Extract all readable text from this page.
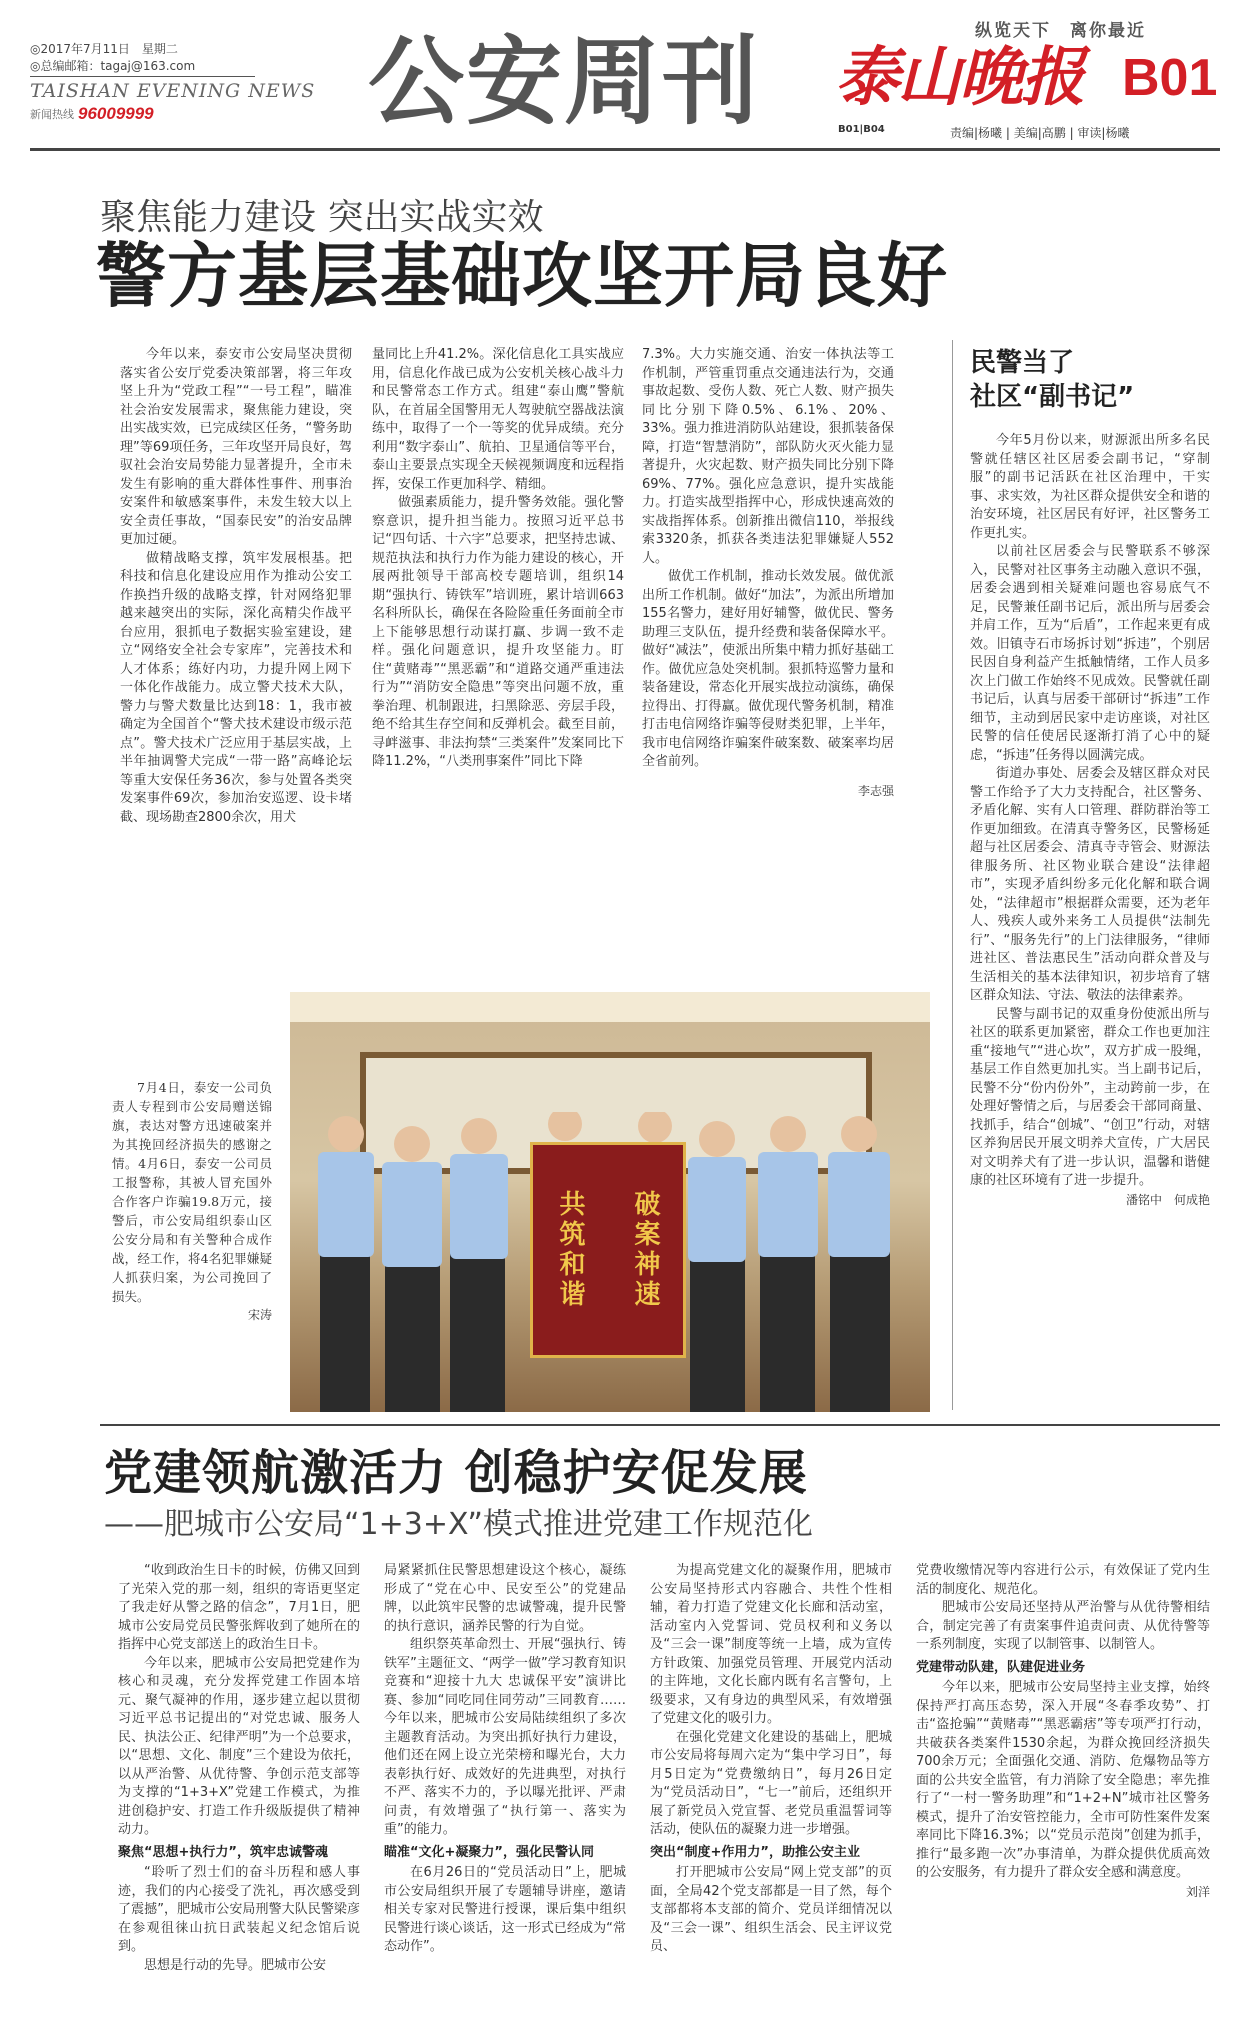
◎2017年7月11日　星期二
◎总编邮箱：tagaj@163.com
TAISHAN EVENING NEWS
新闻热线 96009999 公安周刊	纵览天下　离你最近
泰山晚报 B01
B01|B04	责编|杨曦 | 美编|高鹏 | 审读|杨曦
聚焦能力建设 突出实战实效
警方基层基础攻坚开局良好

今年以来，泰安市公安局坚决贯彻落实省公安厅党委决策部署，将三年攻坚上升为“党政工程”“一号工程”，瞄准社会治安发展需求，聚焦能力建设，突出实战实效，已完成续区任务，“警务助理”等69项任务，三年攻坚开局良好，驾驭社会治安局势能力显著提升，全市未发生有影响的重大群体性事件、刑事治安案件和敏感案事件，未发生较大以上安全责任事故，“国泰民安”的治安品牌更加过硬。

做精战略支撑，筑牢发展根基。把科技和信息化建设应用作为推动公安工作换挡升级的战略支撑，针对网络犯罪越来越突出的实际，深化高精尖作战平台应用，狠抓电子数据实验室建设，建立“网络安全社会专家库”，完善技术和人才体系；练好内功，力提升网上网下一体化作战能力。成立警犬技术大队，警力与警犬数量比达到18：1，我市被确定为全国首个“警犬技术建设市级示范点”。警犬技术广泛应用于基层实战，上半年抽调警犬完成“一带一路”高峰论坛等重大安保任务36次，参与处置各类突发案事件69次，参加治安巡逻、设卡堵截、现场勘查2800余次，用犬

量同比上升41.2%。深化信息化工具实战应用，信息化作战已成为公安机关核心战斗力和民警常态工作方式。组建“泰山鹰”警航队，在首届全国警用无人驾驶航空器战法演练中，取得了一个一等奖的优异成绩。充分利用“数字泰山”、航拍、卫星通信等平台，泰山主要景点实现全天候视频调度和远程指挥，安保工作更加科学、精细。

做强素质能力，提升警务效能。强化警察意识，提升担当能力。按照习近平总书记“四句话、十六字”总要求，把坚持忠诚、规范执法和执行力作为能力建设的核心，开展两批领导干部高校专题培训，组织14期“强执行、铸铁军”培训班，累计培训663名科所队长，确保在各险险重任务面前全市上下能够思想行动谋打赢、步调一致不走样。强化问题意识，提升攻坚能力。盯住“黄赌毒”“黑恶霸”和“道路交通严重违法行为”“消防安全隐患”等突出问题不放，重拳治理、机制跟进，扫黑除恶、旁层手段，绝不给其生存空间和反弹机会。截至目前，寻衅滋事、非法拘禁“三类案件”发案同比下降11.2%，“八类刑事案件”同比下降

7.3%。大力实施交通、治安一体执法等工作机制，严管重罚重点交通违法行为，交通事故起数、受伤人数、死亡人数、财产损失同比分别下降0.5%、6.1%、20%、33%。强力推进消防队站建设，狠抓装备保障，打造“智慧消防”，部队防火灭火能力显著提升，火灾起数、财产损失同比分别下降69%、77%。强化应急意识，提升实战能力。打造实战型指挥中心，形成快速高效的实战指挥体系。创新推出微信110，举报线索3320条，抓获各类违法犯罪嫌疑人552人。

做优工作机制，推动长效发展。做优派出所工作机制。做好“加法”，为派出所增加155名警力，建好用好辅警，做优民、警务助理三支队伍，提升经费和装备保障水平。做好“减法”，使派出所集中精力抓好基础工作。做优应急处突机制。狠抓特巡警力量和装备建设，常态化开展实战拉动演练，确保拉得出、打得赢。做优现代警务机制，精准打击电信网络诈骗等侵财类犯罪，上半年，我市电信网络诈骗案件破案数、破案率均居全省前列。

李志强
民警当了
社区“副书记”

今年5月份以来，财源派出所多名民警就任辖区社区居委会副书记，“穿制服”的副书记活跃在社区治理中，干实事、求实效，为社区群众提供安全和谐的治安环境，社区居民有好评，社区警务工作更扎实。

以前社区居委会与民警联系不够深入，民警对社区事务主动融入意识不强，居委会遇到相关疑难问题也容易底气不足，民警兼任副书记后，派出所与居委会并肩工作，互为“后盾”，工作起来更有成效。旧镇寺石市场拆讨划“拆违”，个别居民因自身利益产生抵触情绪，工作人员多次上门做工作始终不见成效。民警就任副书记后，认真与居委干部研讨“拆违”工作细节，主动到居民家中走访座谈，对社区民警的信任使居民逐渐打消了心中的疑虑，“拆违”任务得以圆满完成。

街道办事处、居委会及辖区群众对民警工作给予了大力支持配合，社区警务、矛盾化解、实有人口管理、群防群治等工作更加细致。在清真寺警务区，民警杨延超与社区居委会、清真寺寺管会、财源法律服务所、社区物业联合建设“法律超市”，实现矛盾纠纷多元化化解和联合调处，“法律超市”根据群众需要，还为老年人、残疾人或外来务工人员提供“法制先行”、“服务先行”的上门法律服务，“律师进社区、普法惠民生”活动向群众普及与生活相关的基本法律知识，初步培育了辖区群众知法、守法、敬法的法律素养。

民警与副书记的双重身份使派出所与社区的联系更加紧密，群众工作也更加注重“接地气”“进心坎”，双方扩成一股绳，基层工作自然更加扎实。当上副书记后，民警不分“份内份外”，主动跨前一步，在处理好警情之后，与居委会干部同商量、找抓手，结合“创城”、“创卫”行动，对辖区养狗居民开展文明养犬宣传，广大居民对文明养犬有了进一步认识，温馨和谐健康的社区环境有了进一步提升。

潘铭中　何成艳

7月4日，泰安一公司负责人专程到市公安局赠送锦旗，表达对警方迅速破案并为其挽回经济损失的感谢之情。4月6日，泰安一公司员工报警称，其被人冒充国外合作客户诈骗19.8万元，接警后，市公安局组织泰山区公安分局和有关警种合成作战，经工作，将4名犯罪嫌疑人抓获归案，为公司挽回了损失。

宋涛
共筑和谐 破案神速
党建领航激活力 创稳护安促发展
——肥城市公安局“1+3+X”模式推进党建工作规范化

“收到政治生日卡的时候，仿佛又回到了光荣入党的那一刻，组织的寄语更坚定了我走好从警之路的信念”，7月1日，肥城市公安局党员民警张辉收到了她所在的指挥中心党支部送上的政治生日卡。

今年以来，肥城市公安局把党建作为核心和灵魂，充分发挥党建工作固本培元、聚气凝神的作用，逐步建立起以贯彻习近平总书记提出的“对党忠诚、服务人民、执法公正、纪律严明”为一个总要求，以“思想、文化、制度”三个建设为依托，以从严治警、从优待警、争创示范支部等为支撑的“1+3+X”党建工作模式，为推进创稳护安、打造工作升级版提供了精神动力。

聚焦“思想+执行力”，筑牢忠诚警魂

“聆听了烈士们的奋斗历程和感人事迹，我们的内心接受了洗礼，再次感受到了震撼”，肥城市公安局刑警大队民警梁彦在参观徂徕山抗日武装起义纪念馆后说到。

思想是行动的先导。肥城市公安

局紧紧抓住民警思想建设这个核心，凝练形成了“党在心中、民安至公”的党建品牌，以此筑牢民警的忠诚警魂，提升民警的执行意识，涵养民警的行为自觉。

组织祭英革命烈士、开展“强执行、铸铁军”主题征文、“两学一做”学习教育知识竞赛和“迎接十九大 忠诚保平安”演讲比赛、参加“同吃同住同劳动”三同教育……今年以来，肥城市公安局陆续组织了多次主题教育活动。为突出抓好执行力建设，他们还在网上设立光荣榜和曝光台，大力表彰执行好、成效好的先进典型，对执行不严、落实不力的，予以曝光批评、严肃问责，有效增强了“执行第一、落实为重”的能力。

瞄准“文化+凝聚力”，强化民警认同

在6月26日的“党员活动日”上，肥城市公安局组织开展了专题辅导讲座，邀请相关专家对民警进行授课，课后集中组织民警进行谈心谈话，这一形式已经成为“常态动作”。

为提高党建文化的凝聚作用，肥城市公安局坚持形式内容融合、共性个性相辅，着力打造了党建文化长廊和活动室，活动室内入党誓词、党员权利和义务以及“三会一课”制度等统一上墙，成为宣传方针政策、加强党员管理、开展党内活动的主阵地，文化长廊内既有名言警句，上级要求，又有身边的典型风采，有效增强了党建文化的吸引力。

在强化党建文化建设的基础上，肥城市公安局将每周六定为“集中学习日”，每月5日定为“党费缴纳日”，每月26日定为“党员活动日”，“七一”前后，还组织开展了新党员入党宣誓、老党员重温誓词等活动，使队伍的凝聚力进一步增强。

突出“制度+作用力”，助推公安主业

打开肥城市公安局“网上党支部”的页面，全局42个党支部都是一目了然，每个支部都将本支部的简介、党员详细情况以及“三会一课”、组织生活会、民主评议党员、

党费收缴情况等内容进行公示，有效保证了党内生活的制度化、规范化。

肥城市公安局还坚持从严治警与从优待警相结合，制定完善了有责案事件追责问责、从优待警等一系列制度，实现了以制管事、以制管人。

党建带动队建，队建促进业务

今年以来，肥城市公安局坚持主业支撑，始终保持严打高压态势，深入开展“冬春季攻势”、打击“盗抢骗”“黄赌毒”“黑恶霸痞”等专项严打行动，共破获各类案件1530余起，为群众挽回经济损失700余万元；全面强化交通、消防、危爆物品等方面的公共安全监管，有力消除了安全隐患；率先推行了“一村一警务助理”和“1+2+N”城市社区警务模式，提升了治安管控能力，全市可防性案件发案率同比下降16.3%；以“党员示范岗”创建为抓手，推行“最多跑一次”办事清单，为群众提供优质高效的公安服务，有力提升了群众安全感和满意度。

刘洋
